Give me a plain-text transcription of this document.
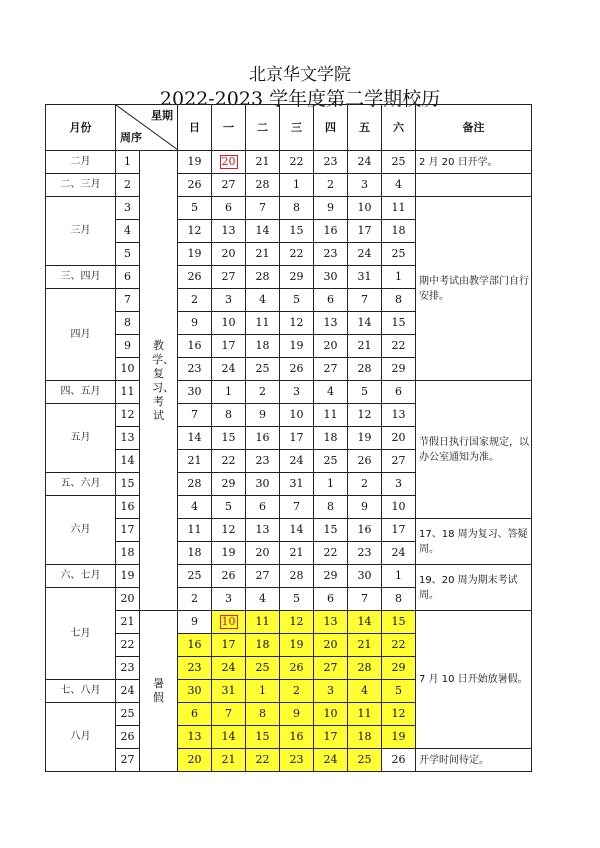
北京华文学院
2022-2023 学年度第二学期校历
月份	星期
周序		日	一	二	三	四	五	六	备注
二月	1	教学、复习、考试	19	20	21	22	23	24	25	2 月 20 日开学。
二、三月	2		26	27	28	1	2	3	4	
三月	3		5	6	7	8	9	10	11	期中考试由教学部门自行安排。
	4		12	13	14	15	16	17	18	
	5		19	20	21	22	23	24	25	
三、四月	6		26	27	28	29	30	31	1	
四月	7		2	3	4	5	6	7	8	
	8		9	10	11	12	13	14	15	
	9		16	17	18	19	20	21	22	
	10		23	24	25	26	27	28	29	
四、五月	11		30	1	2	3	4	5	6	节假日执行国家规定，以办公室通知为准。
五月	12		7	8	9	10	11	12	13	
	13		14	15	16	17	18	19	20	
	14		21	22	23	24	25	26	27	
五、六月	15		28	29	30	31	1	2	3	
六月	16		4	5	6	7	8	9	10	
	17		11	12	13	14	15	16	17	17、18 周为复习、答疑周。
	18		18	19	20	21	22	23	24	
六、七月	19		25	26	27	28	29	30	1	19、20 周为期末考试周。
七月	20		2	3	4	5	6	7	8	
	21	暑假	9	10	11	12	13	14	15	7 月 10 日开始放暑假。
	22		16	17	18	19	20	21	22	
	23		23	24	25	26	27	28	29	
七、八月	24		30	31	1	2	3	4	5	
八月	25		6	7	8	9	10	11	12	
	26		13	14	15	16	17	18	19	
	27		20	21	22	23	24	25	26	开学时间待定。
